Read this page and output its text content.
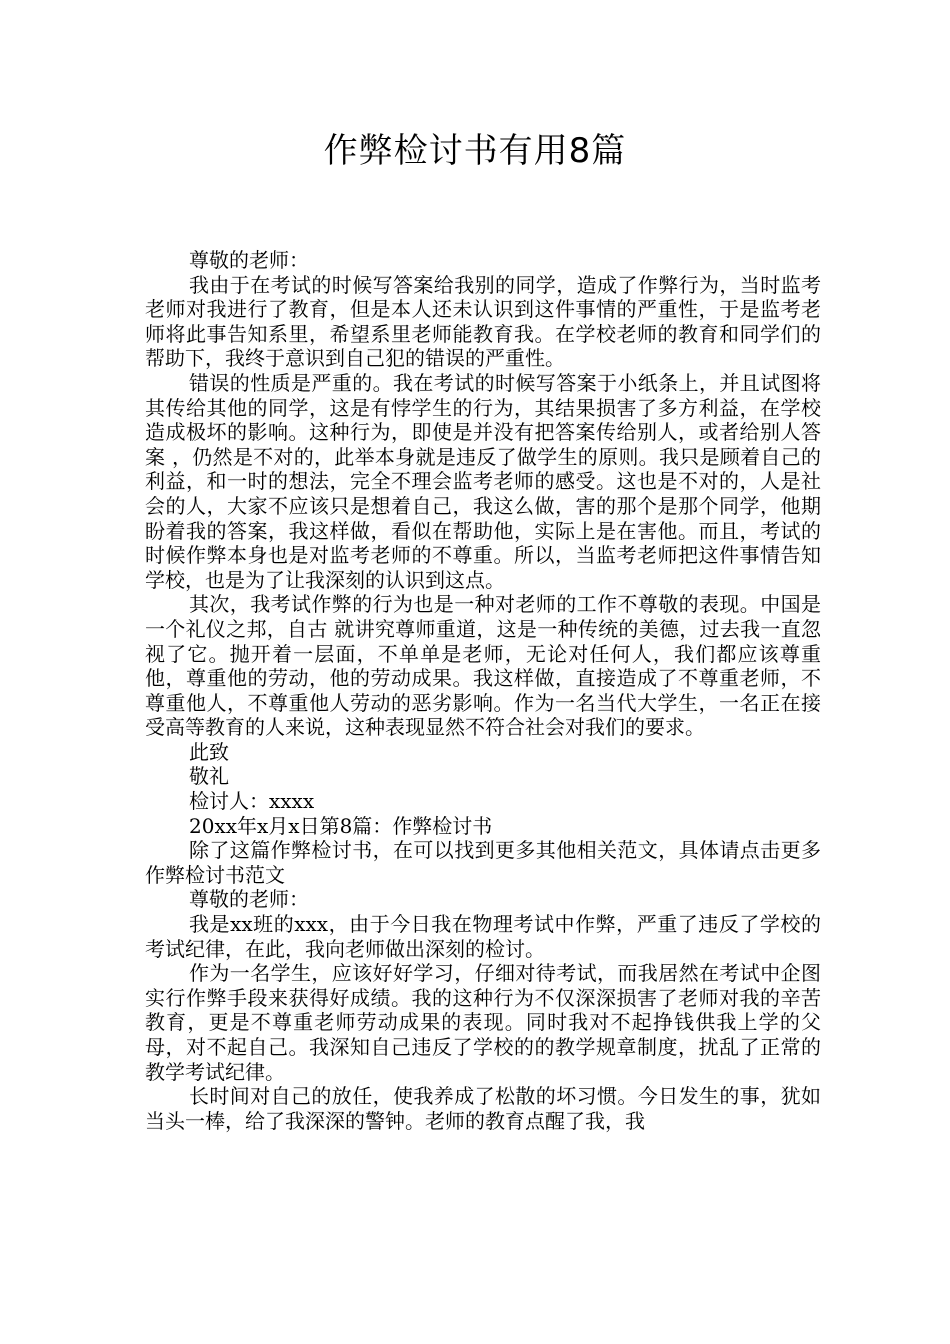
作弊检讨书有用8篇

尊敬的老师：

我由于在考试的时候写答案给我别的同学，造成了作弊行为，当时监考老师对我进行了教育，但是本人还未认识到这件事情的严重性，于是监考老师将此事告知系里，希望系里老师能教育我。在学校老师的教育和同学们的帮助下，我终于意识到自己犯的错误的严重性。

错误的性质是严重的。我在考试的时候写答案于小纸条上，并且试图将其传给其他的同学，这是有悖学生的行为，其结果损害了多方利益，在学校造成极坏的影响。这种行为，即使是并没有把答案传给别人，或者给别人答案 ，仍然是不对的，此举本身就是违反了做学生的原则。我只是顾着自己的利益，和一时的想法，完全不理会监考老师的感受。这也是不对的，人是社会的人，大家不应该只是想着自己，我这么做，害的那个是那个同学，他期盼着我的答案，我这样做，看似在帮助他，实际上是在害他。而且，考试的时候作弊本身也是对监考老师的不尊重。所以，当监考老师把这件事情告知学校，也是为了让我深刻的认识到这点。

其次，我考试作弊的行为也是一种对老师的工作不尊敬的表现。中国是一个礼仪之邦，自古 就讲究尊师重道，这是一种传统的美德，过去我一直忽视了它。抛开着一层面，不单单是老师，无论对任何人，我们都应该尊重他，尊重他的劳动，他的劳动成果。我这样做，直接造成了不尊重老师，不尊重他人，不尊重他人劳动的恶劣影响。作为一名当代大学生，一名正在接受高等教育的人来说，这种表现显然不符合社会对我们的要求。

此致

敬礼

检讨人：xxxx

20xx年x月x日第8篇：作弊检讨书

除了这篇作弊检讨书，在可以找到更多其他相关范文，具体请点击更多作弊检讨书范文

尊敬的老师：

我是xx班的xxx，由于今日我在物理考试中作弊，严重了违反了学校的考试纪律，在此，我向老师做出深刻的检讨。

作为一名学生，应该好好学习，仔细对待考试，而我居然在考试中企图实行作弊手段来获得好成绩。我的这种行为不仅深深损害了老师对我的辛苦教育，更是不尊重老师劳动成果的表现。同时我对不起挣钱供我上学的父母，对不起自己。我深知自己违反了学校的的教学规章制度，扰乱了正常的教学考试纪律。

长时间对自己的放任，使我养成了松散的坏习惯。今日发生的事，犹如当头一棒，给了我深深的警钟。老师的教育点醒了我，我
